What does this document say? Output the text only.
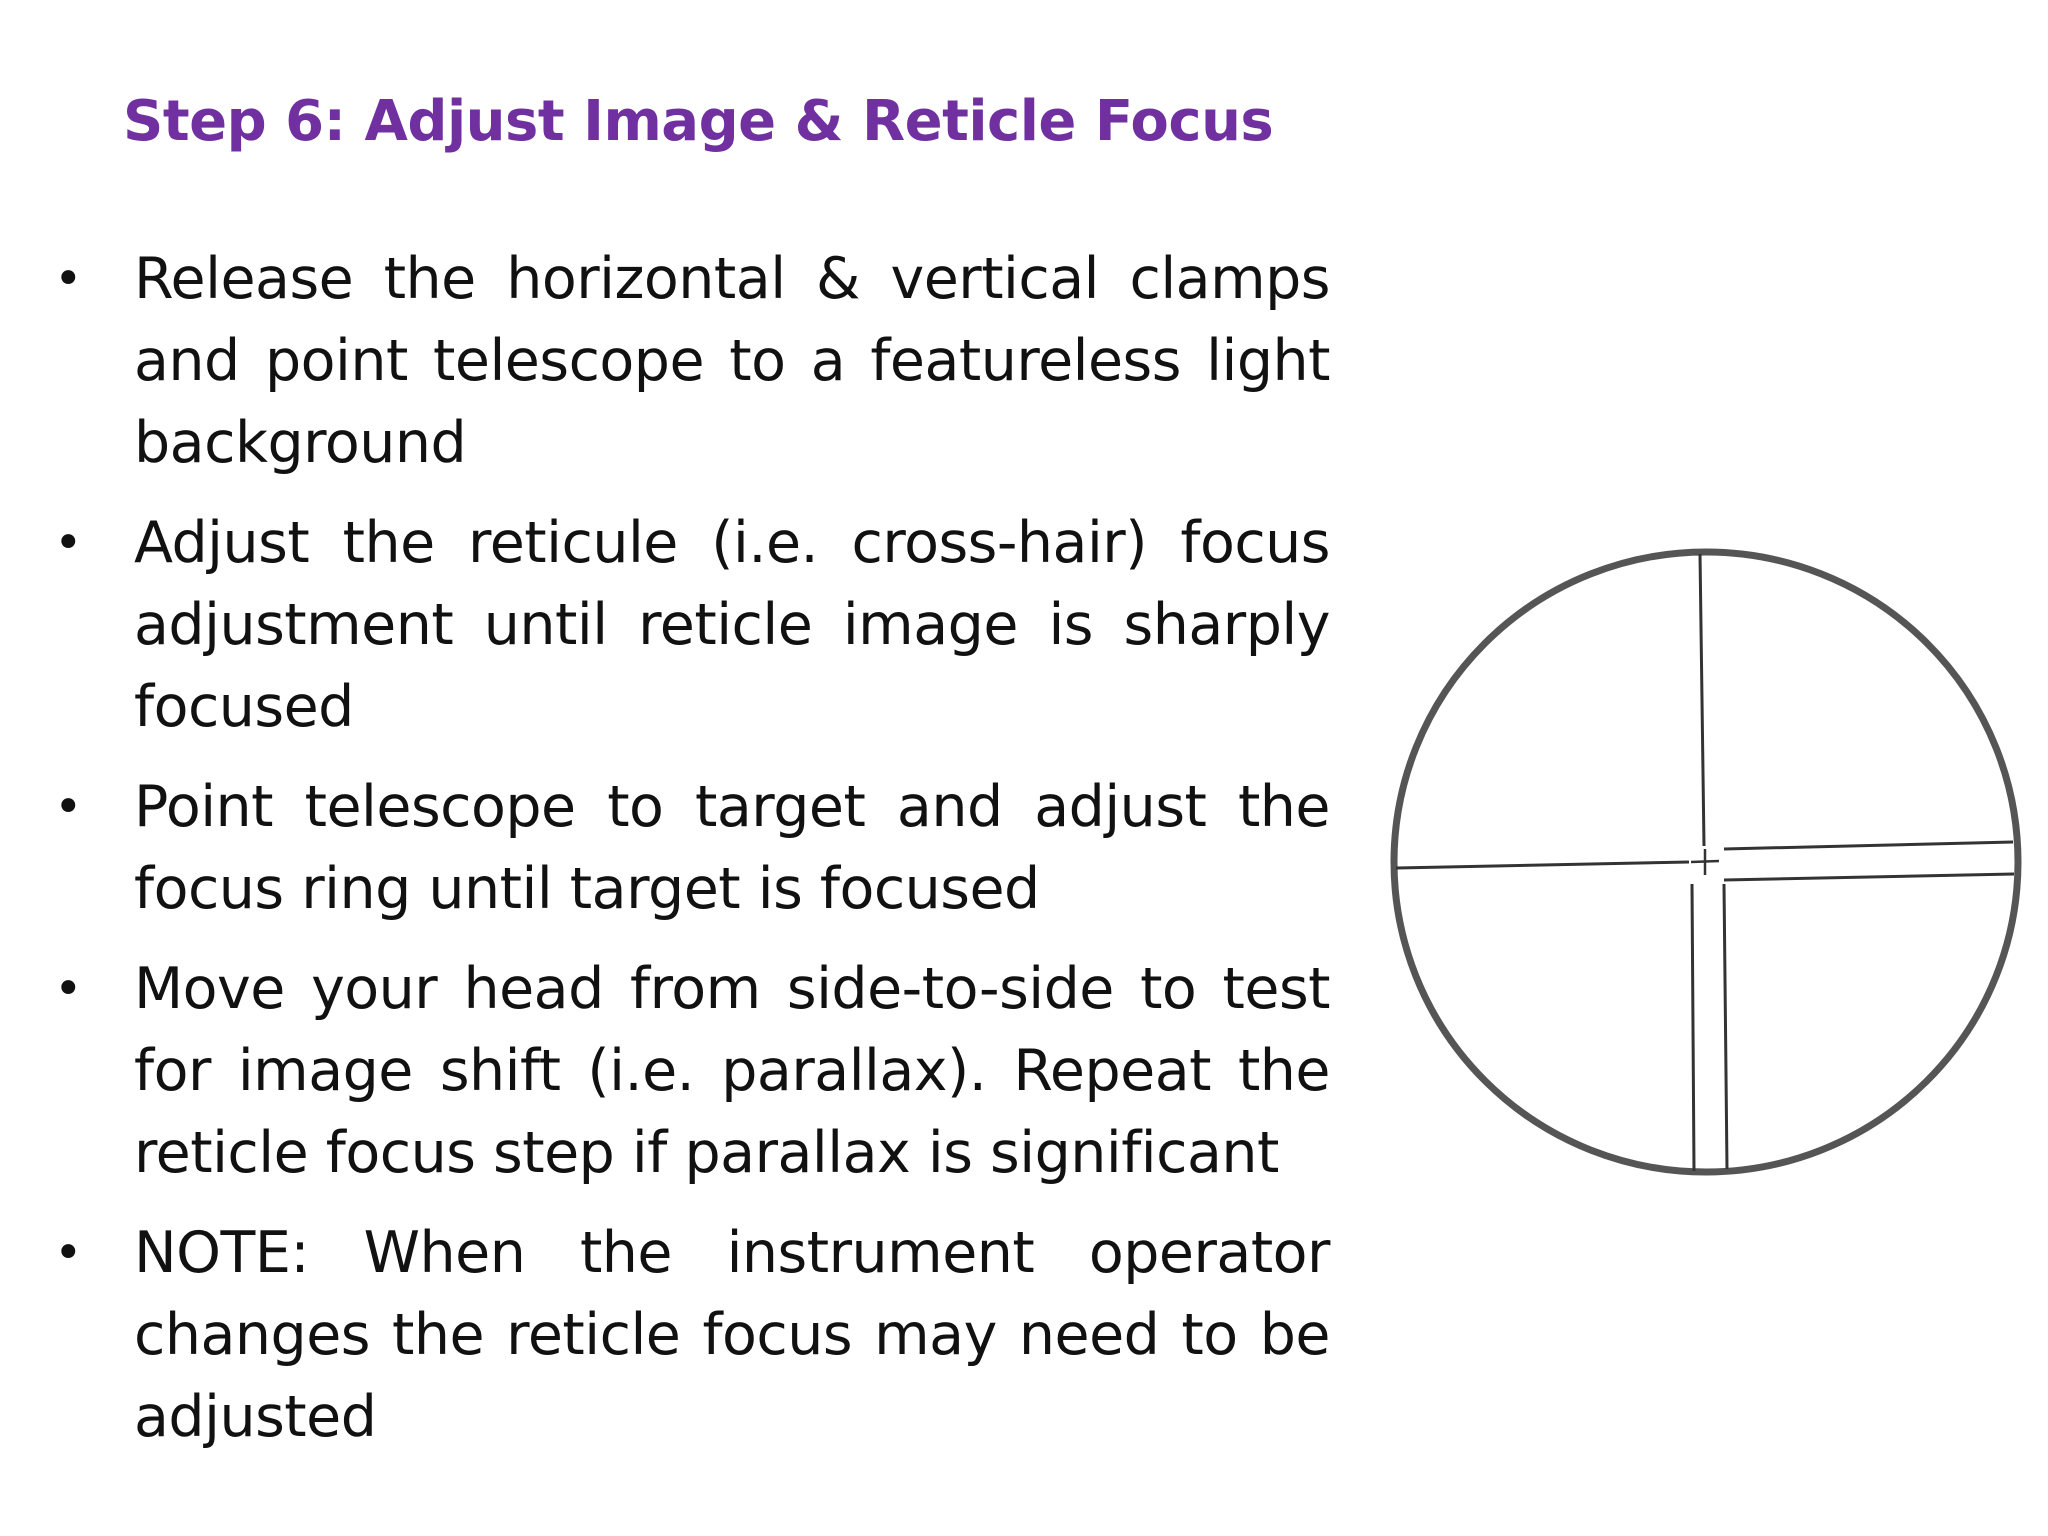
Step 6: Adjust Image & Reticle Focus
• Release the horizontal & vertical clamps and point telescope to a featureless light background
• Adjust the reticule (i.e. cross-hair) focus adjustment until reticle image is sharply focused
• Point telescope to target and adjust the focus ring until target is focused
• Move your head from side-to-side to test for image shift (i.e. parallax). Repeat the reticle focus step if parallax is significant
• NOTE: When the instrument operator changes the reticle focus may need to be adjusted
